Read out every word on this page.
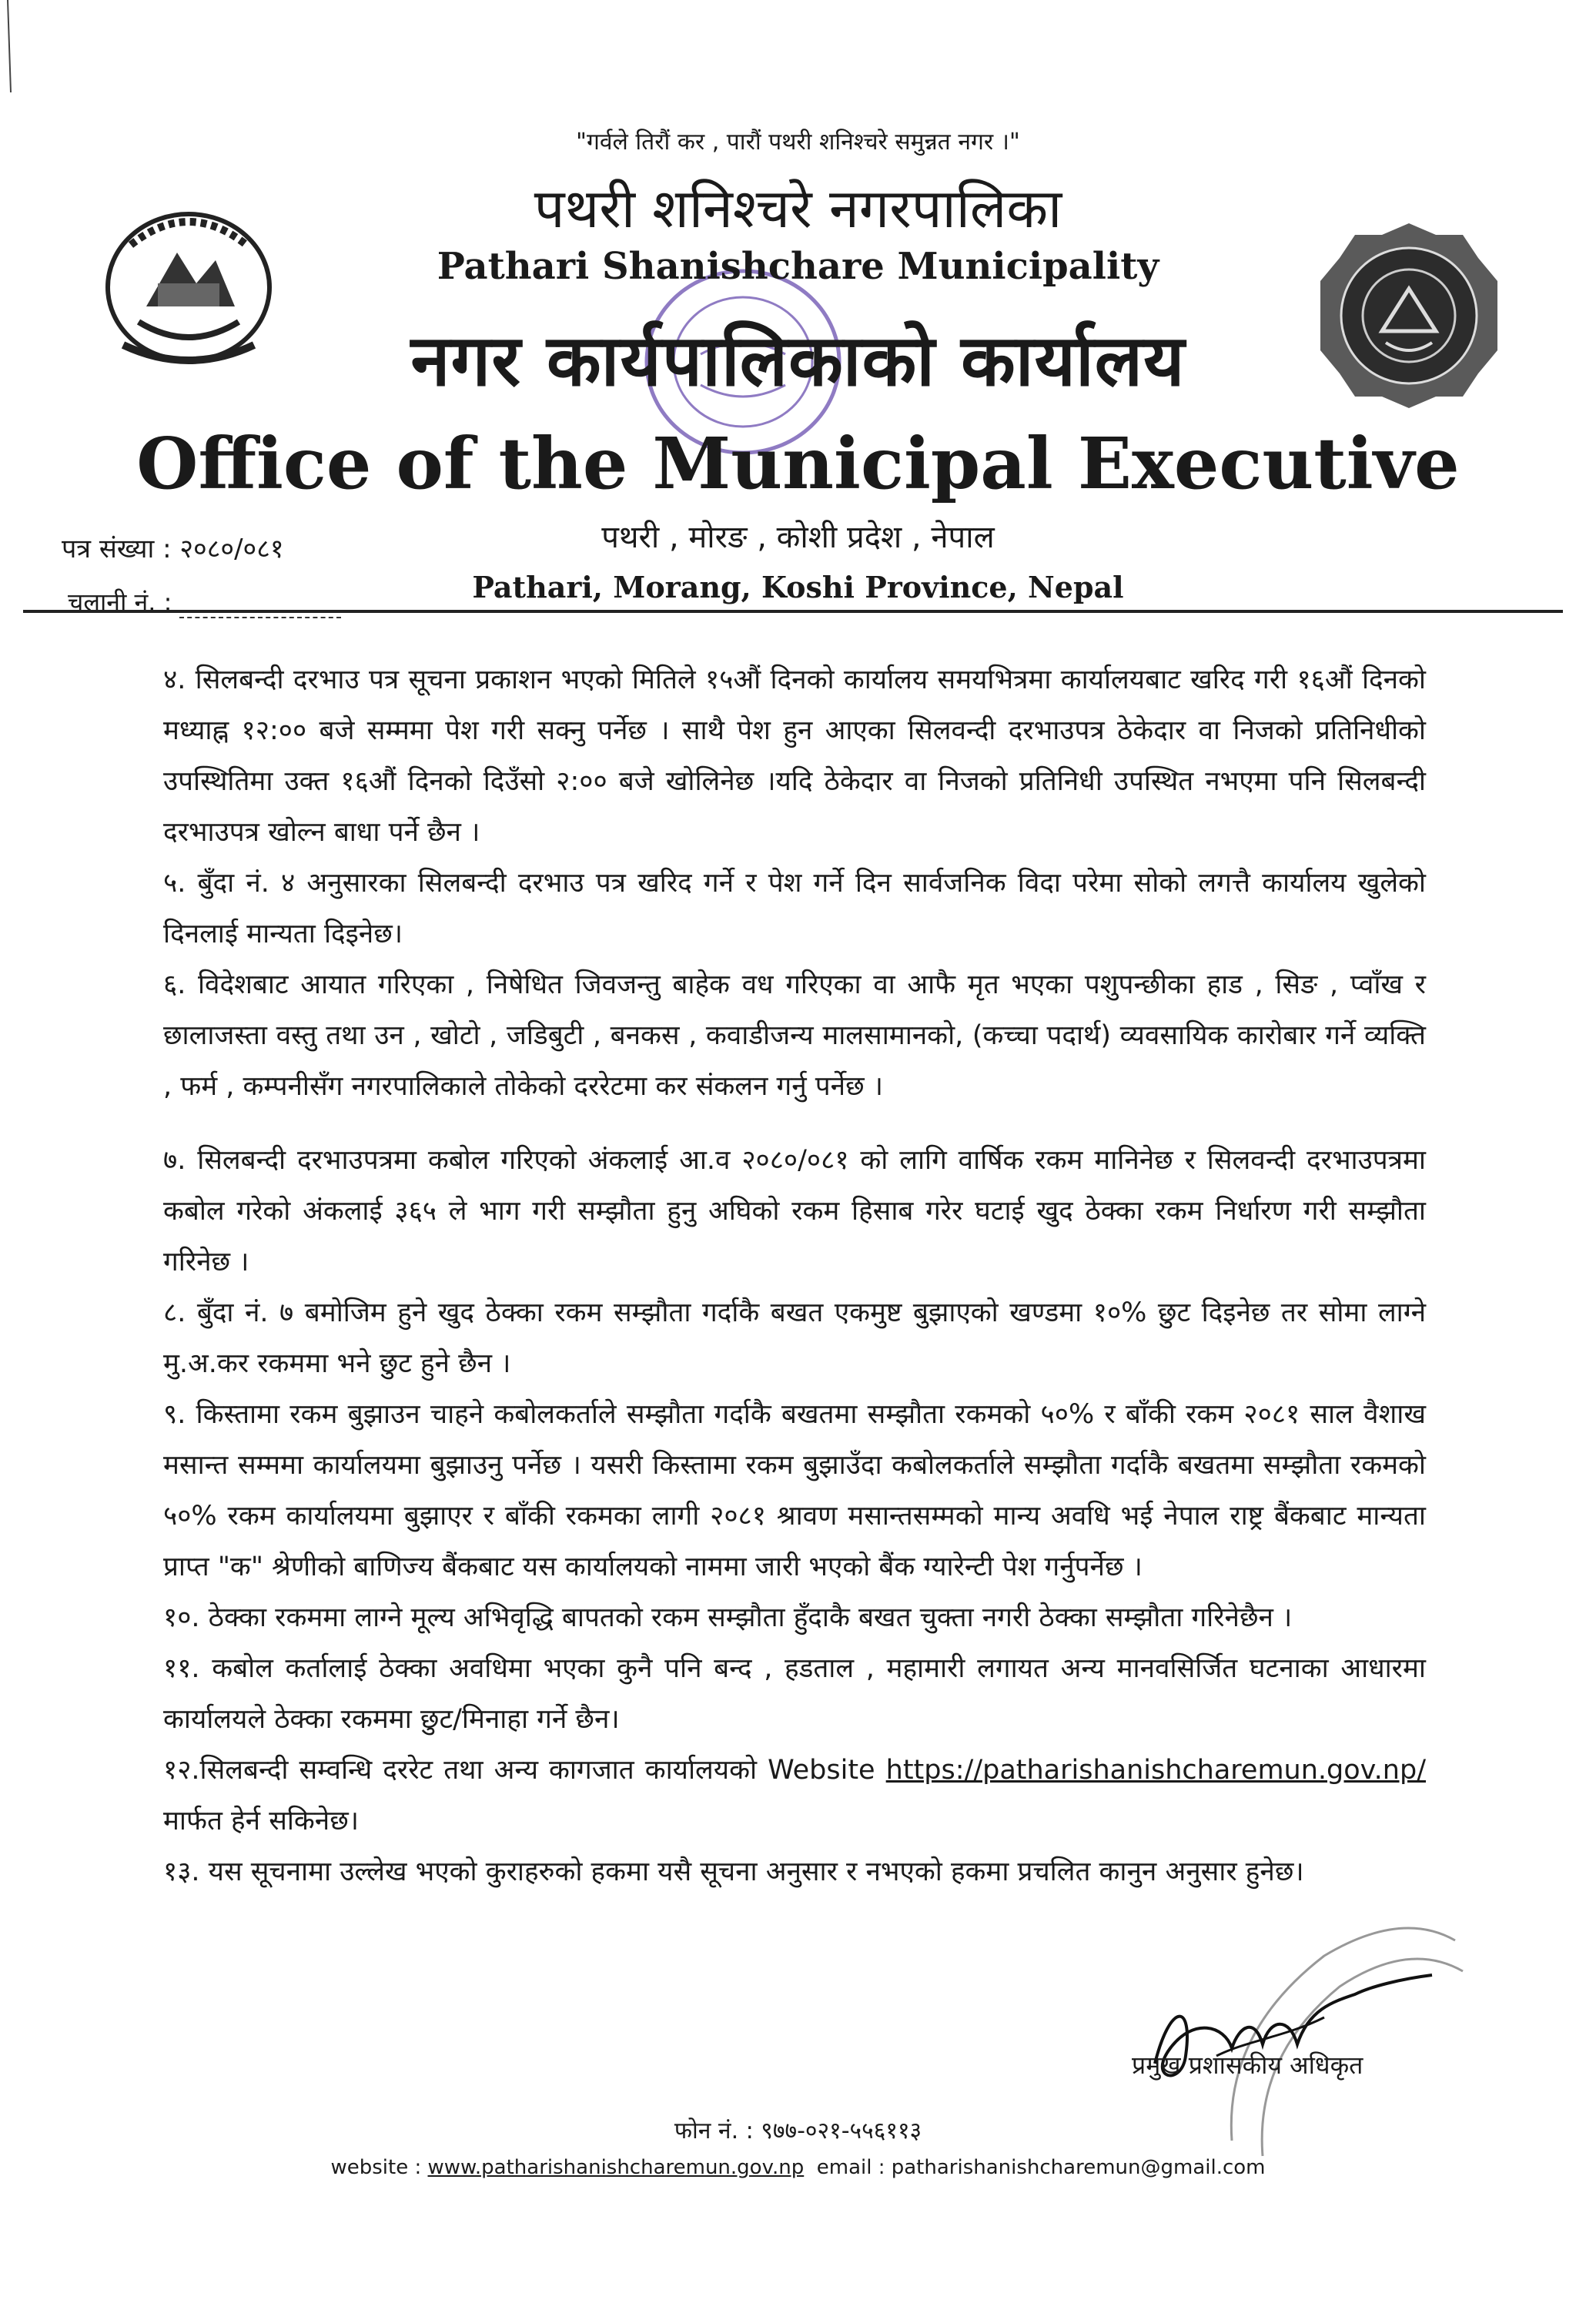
"गर्वले तिरौं कर , पारौं पथरी शनिश्चरे समुन्नत नगर ।"
पथरी शनिश्चरे नगरपालिका
Pathari Shanishchare Municipality
नगर कार्यपालिकाको कार्यालय
Office of the Municipal Executive
पथरी , मोरङ , कोशी प्रदेश , नेपाल
Pathari, Morang, Koshi Province, Nepal
पत्र संख्या : २०८०/०८१
चलानी नं. :

४. सिलबन्दी दरभाउ पत्र सूचना प्रकाशन भएको मितिले १५औं दिनको कार्यालय समयभित्रमा कार्यालयबाट खरिद गरी १६औं दिनको मध्याह्न १२:०० बजे सम्ममा पेश गरी सक्नु पर्नेछ । साथै पेश हुन आएका सिलवन्दी दरभाउपत्र ठेकेदार वा निजको प्रतिनिधीको उपस्थितिमा उक्त १६औं दिनको दिउँसो २:०० बजे खोलिनेछ ।यदि ठेकेदार वा निजको प्रतिनिधी उपस्थित नभएमा पनि सिलबन्दी दरभाउपत्र खोल्न बाधा पर्ने छैन ।

५. बुँदा नं. ४ अनुसारका सिलबन्दी दरभाउ पत्र खरिद गर्ने र पेश गर्ने दिन सार्वजनिक विदा परेमा सोको लगत्तै कार्यालय खुलेको दिनलाई मान्यता दिइनेछ।

६. विदेशबाट आयात गरिएका , निषेधित जिवजन्तु बाहेक वध गरिएका वा आफै मृत भएका पशुपन्छीका हाड , सिङ , प्वाँख र छालाजस्ता वस्तु तथा उन , खोटो , जडिबुटी , बनकस , कवाडीजन्य मालसामानको, (कच्चा पदार्थ) व्यवसायिक कारोबार गर्ने व्यक्ति , फर्म , कम्पनीसँग नगरपालिकाले तोकेको दररेटमा कर संकलन गर्नु पर्नेछ ।

७. सिलबन्दी दरभाउपत्रमा कबोल गरिएको अंकलाई आ.व २०८०/०८१ को लागि वार्षिक रकम मानिनेछ र सिलवन्दी दरभाउपत्रमा कबोल गरेको अंकलाई ३६५ ले भाग गरी सम्झौता हुनु अघिको रकम हिसाब गरेर घटाई खुद ठेक्का रकम निर्धारण गरी सम्झौता गरिनेछ ।

८. बुँदा नं. ७ बमोजिम हुने खुद ठेक्का रकम सम्झौता गर्दाकै बखत एकमुष्ट बुझाएको खण्डमा १०% छुट दिइनेछ तर सोमा लाग्ने मु.अ.कर रकममा भने छुट हुने छैन ।

९. किस्तामा रकम बुझाउन चाहने कबोलकर्ताले सम्झौता गर्दाकै बखतमा सम्झौता रकमको ५०% र बाँकी रकम २०८१ साल वैशाख मसान्त सम्ममा कार्यालयमा बुझाउनु पर्नेछ । यसरी किस्तामा रकम बुझाउँदा कबोलकर्ताले सम्झौता गर्दाकै बखतमा सम्झौता रकमको ५०% रकम कार्यालयमा बुझाएर र बाँकी रकमका लागी २०८१ श्रावण मसान्तसम्मको मान्य अवधि भई नेपाल राष्ट्र बैंकबाट मान्यता प्राप्त "क" श्रेणीको बाणिज्य बैंकबाट यस कार्यालयको नाममा जारी भएको बैंक ग्यारेन्टी पेश गर्नुपर्नेछ ।

१०. ठेक्का रकममा लाग्ने मूल्य अभिवृद्धि बापतको रकम सम्झौता हुँदाकै बखत चुक्ता नगरी ठेक्का सम्झौता गरिनेछैन ।

११. कबोल कर्तालाई ठेक्का अवधिमा भएका कुनै पनि बन्द , हडताल , महामारी लगायत अन्य मानवसिर्जित घटनाका आधारमा कार्यालयले ठेक्का रकममा छुट/मिनाहा गर्ने छैन।

१२.सिलबन्दी सम्वन्धि दररेट तथा अन्य कागजात कार्यालयको Website https://patharishanishcharemun.gov.np/ मार्फत हेर्न सकिनेछ।

१३. यस सूचनामा उल्लेख भएको कुराहरुको हकमा यसै सूचना अनुसार र नभएको हकमा प्रचलित कानुन अनुसार हुनेछ।

प्रमुख प्रशासकीय अधिकृत
फोन नं. : ९७७-०२१-५५६११३
website : www.patharishanishcharemun.gov.np email : patharishanishcharemun@gmail.com
